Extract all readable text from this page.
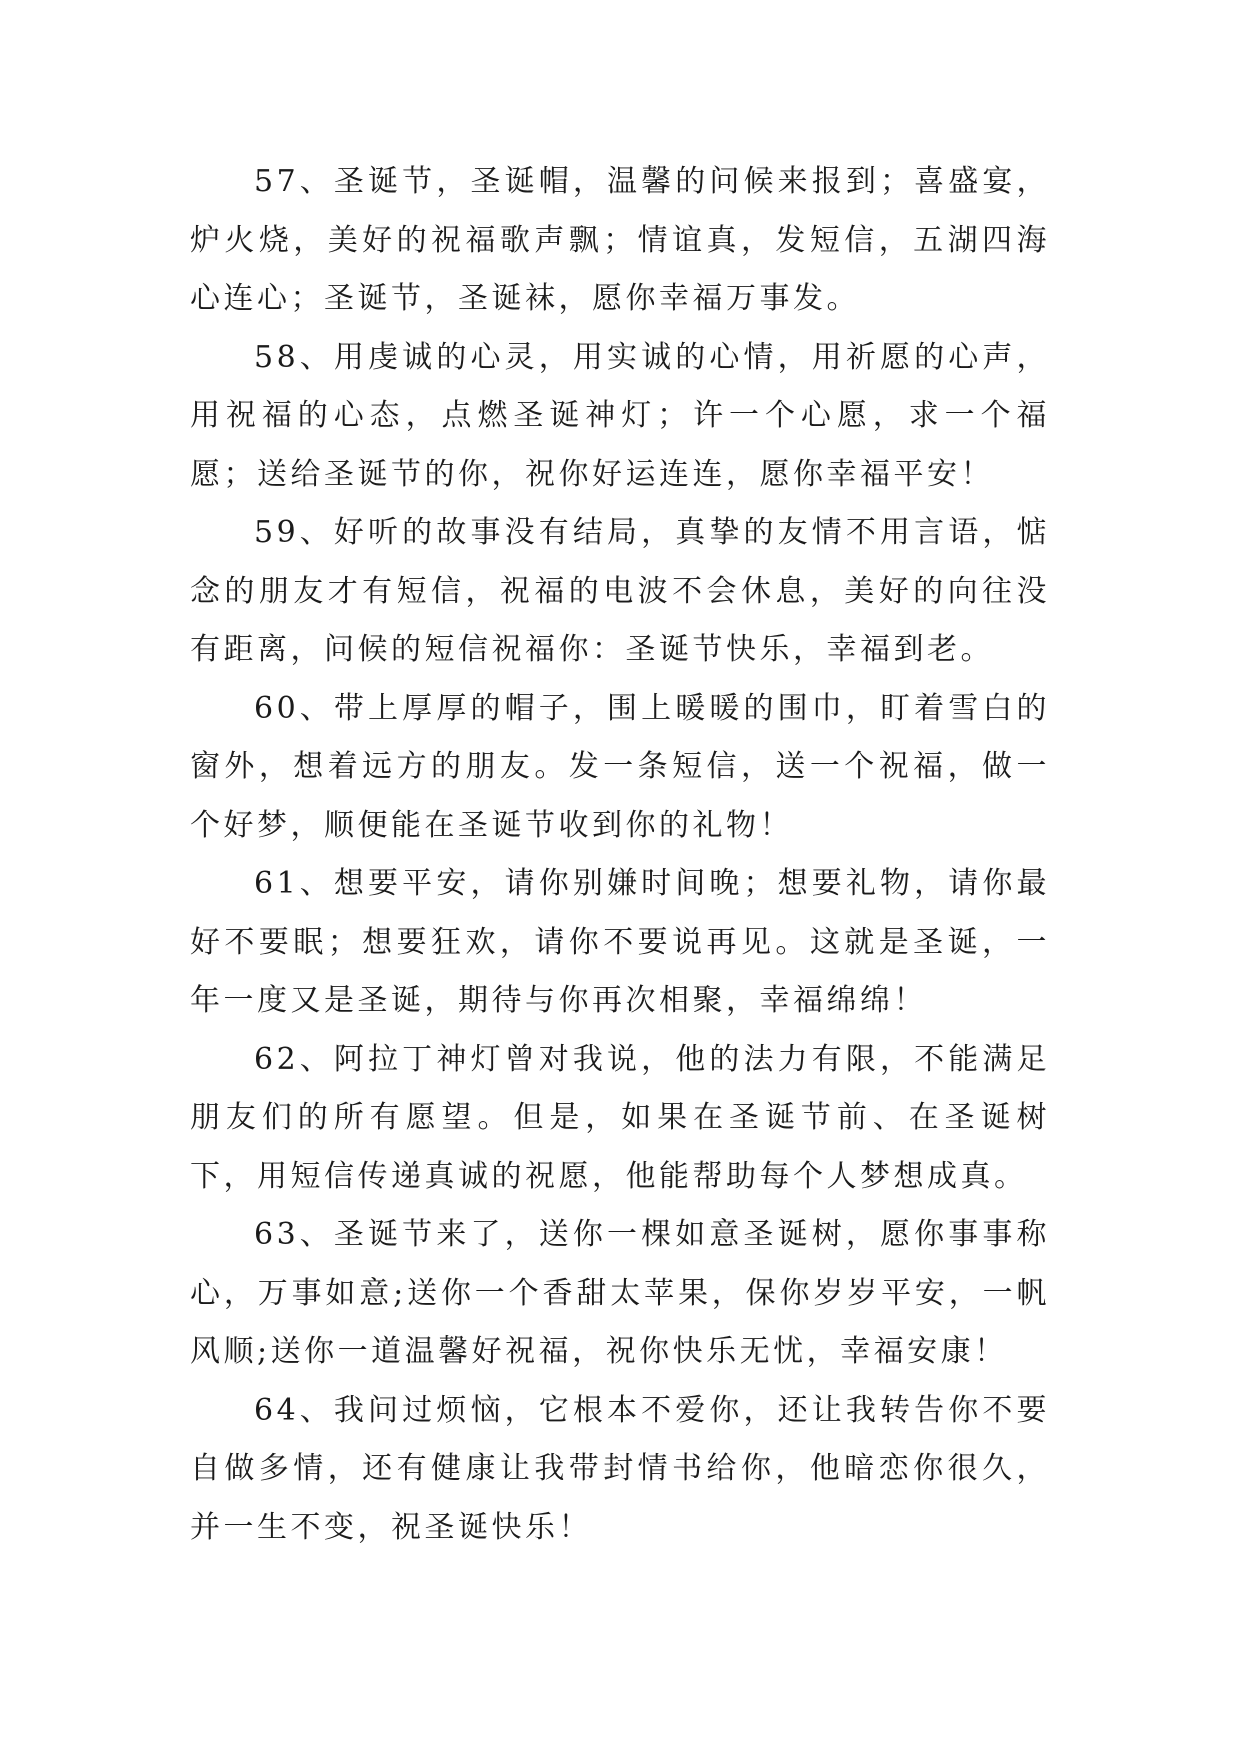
57、圣诞节，圣诞帽，温馨的问候来报到；喜盛宴，炉火烧，美好的祝福歌声飘；情谊真，发短信，五湖四海心连心；圣诞节，圣诞袜，愿你幸福万事发。

58、用虔诚的心灵，用实诚的心情，用祈愿的心声，用祝福的心态，点燃圣诞神灯；许一个心愿，求一个福愿；送给圣诞节的你，祝你好运连连，愿你幸福平安！

59、好听的故事没有结局，真挚的友情不用言语，惦念的朋友才有短信，祝福的电波不会休息，美好的向往没有距离，问候的短信祝福你：圣诞节快乐，幸福到老。

60、带上厚厚的帽子，围上暖暖的围巾，盯着雪白的窗外，想着远方的朋友。发一条短信，送一个祝福，做一个好梦，顺便能在圣诞节收到你的礼物！

61、想要平安，请你别嫌时间晚；想要礼物，请你最好不要眠；想要狂欢，请你不要说再见。这就是圣诞，一年一度又是圣诞，期待与你再次相聚，幸福绵绵！

62、阿拉丁神灯曾对我说，他的法力有限，不能满足朋友们的所有愿望。但是，如果在圣诞节前、在圣诞树下，用短信传递真诚的祝愿，他能帮助每个人梦想成真。

63、圣诞节来了，送你一棵如意圣诞树，愿你事事称心，万事如意;送你一个香甜太苹果，保你岁岁平安，一帆风顺;送你一道温馨好祝福，祝你快乐无忧，幸福安康！

64、我问过烦恼，它根本不爱你，还让我转告你不要自做多情，还有健康让我带封情书给你，他暗恋你很久，并一生不变，祝圣诞快乐！
